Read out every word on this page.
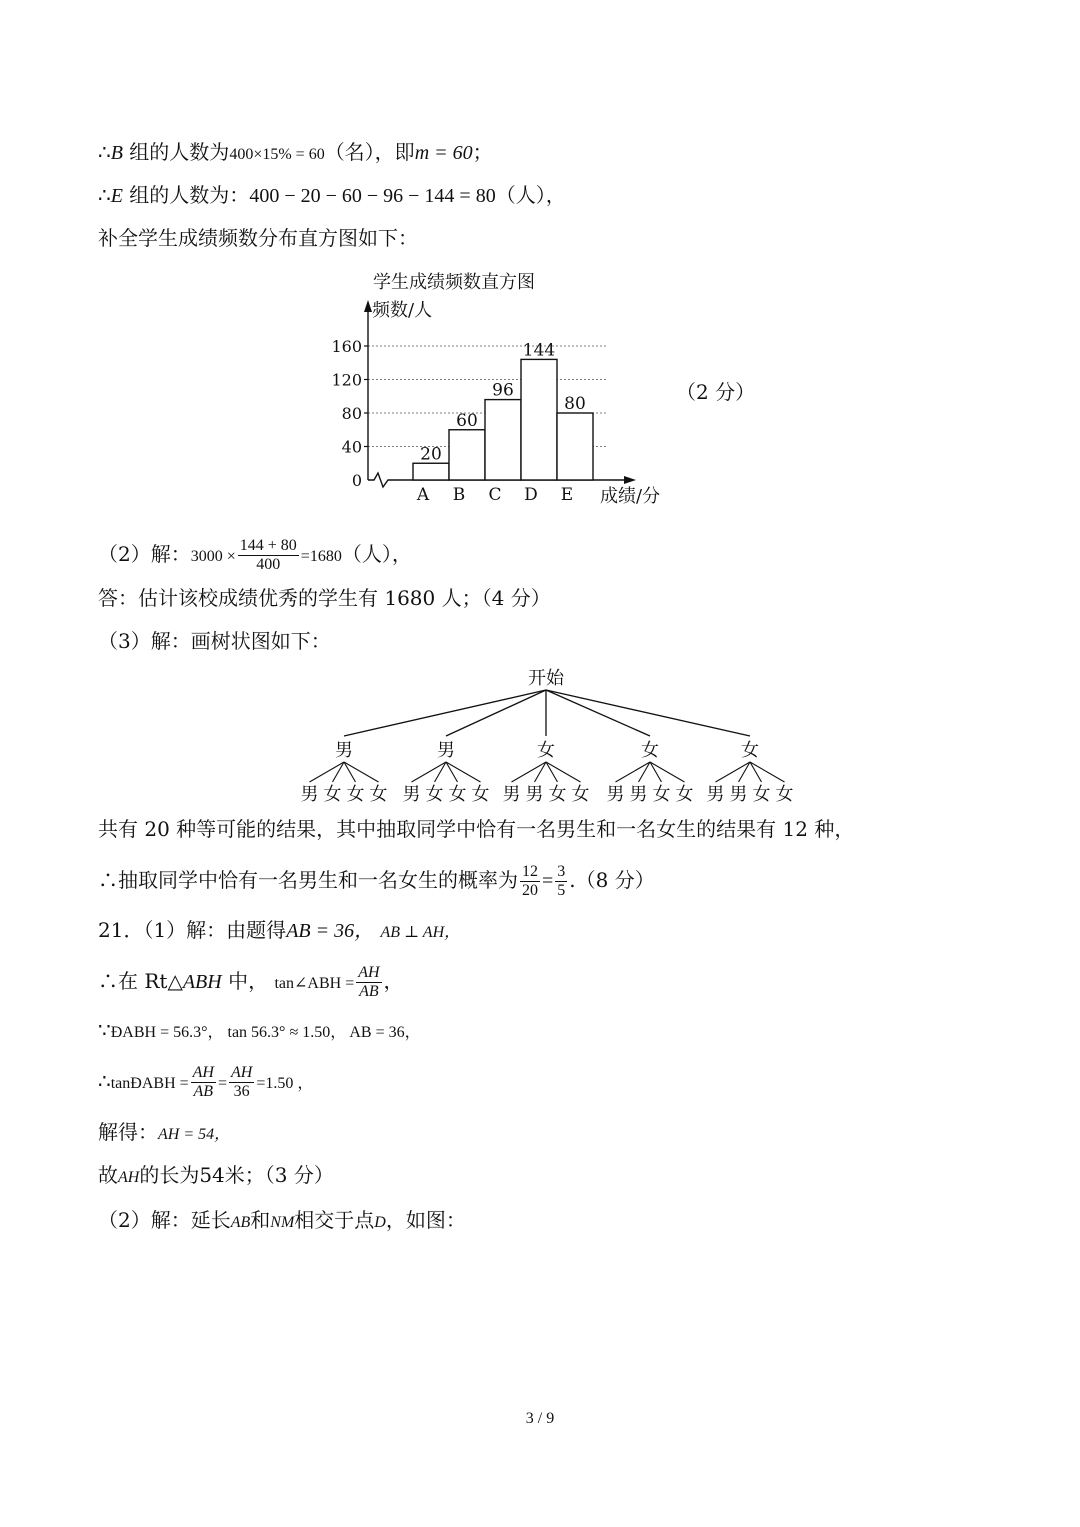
∴B 组的人数为400×15% = 60（名），即m = 60；
∴E 组的人数为：400 − 20 − 60 − 96 − 144 = 80（人），
补全学生成绩频数分布直方图如下：
学生成绩频数直方图
频数/人
成绩/分
20
60
96
144
80
0
40
80
120
160
A B C D E
（2 分）
（2）解：$3000 \times \frac{144 + 80}{400} =1680$（人），
答：估计该校成绩优秀的学生有 1680 人；（4 分）
（3）解：画树状图如下：
开始
男
男 女 女 女
男
男 女 女 女
女
男 男 女 女
女
男 男 女 女
女
男 男 女 女
共有 20 种等可能的结果，其中抽取同学中恰有一名男生和一名女生的结果有 12 种，
∴抽取同学中恰有一名男生和一名女生的概率为 $\frac{12}{20} = \frac{3}{5} .(8$ 分）
21．（1）解：由题得AB = 36， AB ⊥ AH，
∴在 Rt△ABH 中， tan∠ABH = $\frac{AH}{AB}$ ，
∵ÐABH = 56.3°， tan 56.3° ≈ 1.50， AB = 36，
∴tanÐABH = $\frac{AH}{AB} = \frac{AH}{36} =1.50$ ，
解得：AH = 54，
故AH的长为54米；（3 分）
（2）解：延长AB和NM相交于点D，如图：
3 / 9
